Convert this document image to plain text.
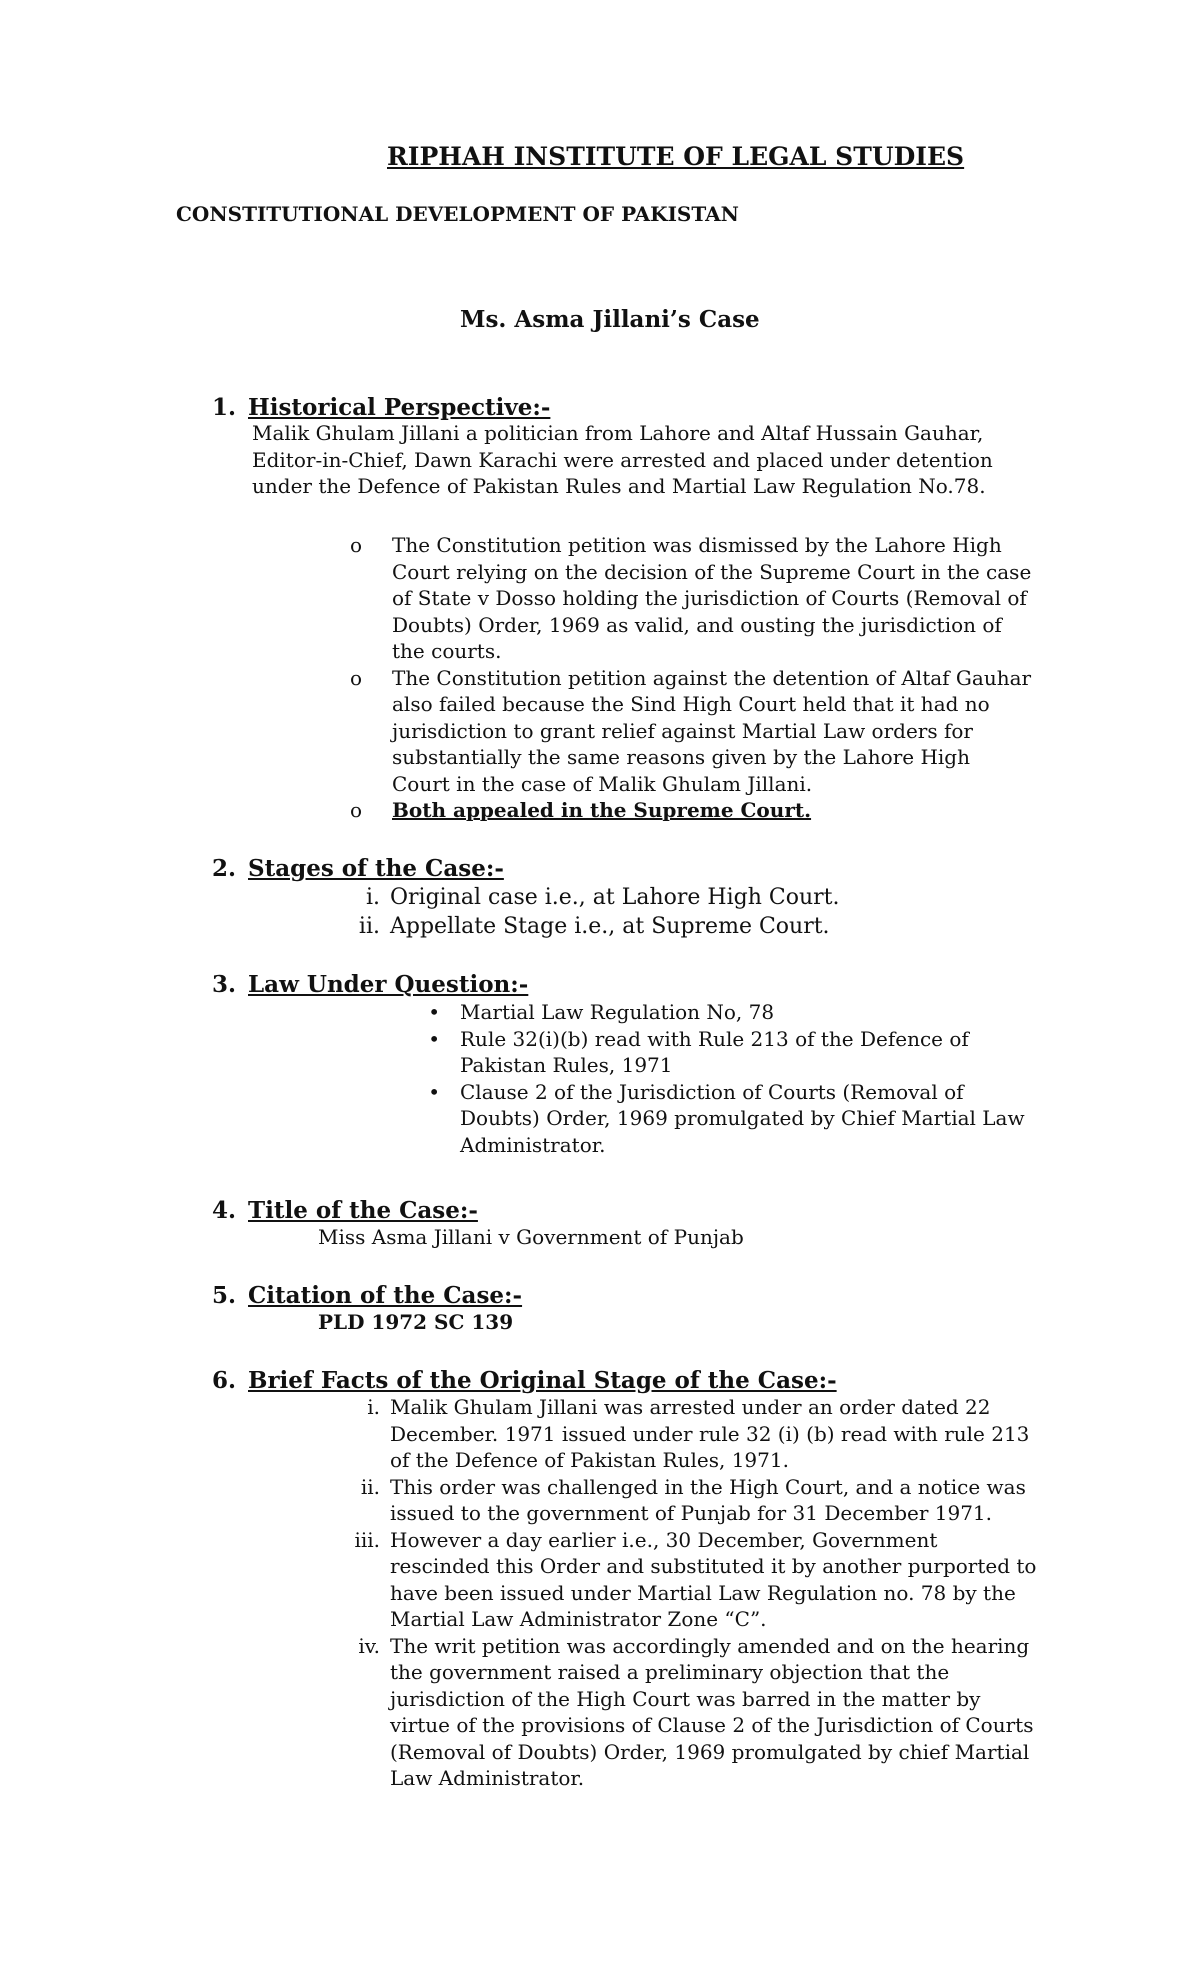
RIPHAH INSTITUTE OF LEGAL STUDIES
CONSTITUTIONAL DEVELOPMENT OF PAKISTAN
Ms. Asma Jillani’s Case
1. Historical Perspective:-
Malik Ghulam Jillani a politician from Lahore and Altaf Hussain Gauhar, Editor-in-Chief, Dawn Karachi were arrested and placed under detention under the Defence of Pakistan Rules and Martial Law Regulation No.78.
o The Constitution petition was dismissed by the Lahore High Court relying on the decision of the Supreme Court in the case of State v Dosso holding the jurisdiction of Courts (Removal of Doubts) Order, 1969 as valid, and ousting the jurisdiction of the courts.
o The Constitution petition against the detention of Altaf Gauhar also failed because the Sind High Court held that it had no jurisdiction to grant relief against Martial Law orders for substantially the same reasons given by the Lahore High Court in the case of Malik Ghulam Jillani.
o Both appealed in the Supreme Court.
2. Stages of the Case:-
i. Original case i.e., at Lahore High Court.
ii. Appellate Stage i.e., at Supreme Court.
3. Law Under Question:-
• Martial Law Regulation No, 78
• Rule 32(i)(b) read with Rule 213 of the Defence of Pakistan Rules, 1971
• Clause 2 of the Jurisdiction of Courts (Removal of Doubts) Order, 1969 promulgated by Chief Martial Law Administrator.
4. Title of the Case:-
Miss Asma Jillani v Government of Punjab
5. Citation of the Case:-
PLD 1972 SC 139
6. Brief Facts of the Original Stage of the Case:-
i. Malik Ghulam Jillani was arrested under an order dated 22 December. 1971 issued under rule 32 (i) (b) read with rule 213 of the Defence of Pakistan Rules, 1971.
ii. This order was challenged in the High Court, and a notice was issued to the government of Punjab for 31 December 1971.
iii. However a day earlier i.e., 30 December, Government rescinded this Order and substituted it by another purported to have been issued under Martial Law Regulation no. 78 by the Martial Law Administrator Zone “C”.
iv. The writ petition was accordingly amended and on the hearing the government raised a preliminary objection that the jurisdiction of the High Court was barred in the matter by virtue of the provisions of Clause 2 of the Jurisdiction of Courts (Removal of Doubts) Order, 1969 promulgated by chief Martial Law Administrator.
